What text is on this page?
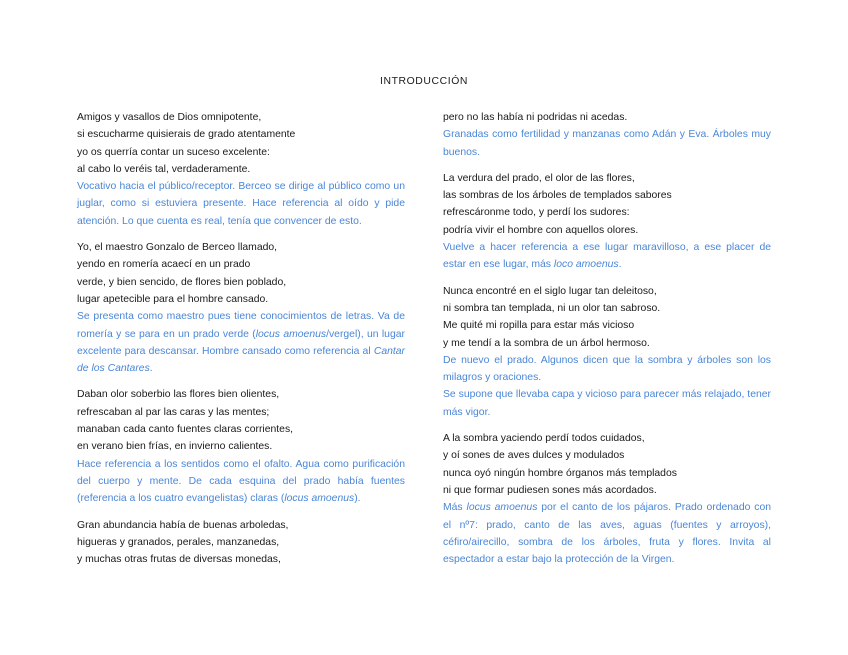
INTRODUCCIÓN
Amigos y vasallos de Dios omnipotente,
si escucharme quisierais de grado atentamente
yo os querría contar un suceso excelente:
al cabo lo veréis tal, verdaderamente.

Vocativo hacia el público/receptor. Berceo se dirige al público como un juglar, como si estuviera presente. Hace referencia al oído y pide atención. Lo que cuenta es real, tenía que convencer de esto.

Yo, el maestro Gonzalo de Berceo llamado,
yendo en romería acaecí en un prado
verde, y bien sencido, de flores bien poblado,
lugar apetecible para el hombre cansado.

Se presenta como maestro pues tiene conocimientos de letras. Va de romería y se para en un prado verde (locus amoenus/vergel), un lugar excelente para descansar. Hombre cansado como referencia al Cantar de los Cantares.

Daban olor soberbio las flores bien olientes,
refrescaban al par las caras y las mentes;
manaban cada canto fuentes claras corrientes,
en verano bien frías, en invierno calientes.

Hace referencia a los sentidos como el ofalto. Agua como purificación del cuerpo y mente. De cada esquina del prado había fuentes (referencia a los cuatro evangelistas) claras (locus amoenus).

Gran abundancia había de buenas arboledas,
higueras y granados, perales, manzanedas,
y muchas otras frutas de diversas monedas,
pero no las había ni podridas ni acedas.

Granadas como fertilidad y manzanas como Adán y Eva. Árboles muy buenos.

La verdura del prado, el olor de las flores,
las sombras de los árboles de templados sabores
refrescáronme todo, y perdí los sudores:
podría vivir el hombre con aquellos olores.

Vuelve a hacer referencia a ese lugar maravilloso, a ese placer de estar en ese lugar, más loco amoenus.

Nunca encontré en el siglo lugar tan deleitoso,
ni sombra tan templada, ni un olor tan sabroso.
Me quité mi ropilla para estar más vicioso
y me tendí a la sombra de un árbol hermoso.

De nuevo el prado. Algunos dicen que la sombra y árboles son los milagros y oraciones.

Se supone que llevaba capa y vicioso para parecer más relajado, tener más vigor.

A la sombra yaciendo perdí todos cuidados,
y oí sones de aves dulces y modulados
nunca oyó ningún hombre órganos más templados
ni que formar pudiesen sones más acordados.

Más locus amoenus por el canto de los pájaros. Prado ordenado con el nº7: prado, canto de las aves, aguas (fuentes y arroyos), céfiro/airecillo, sombra de los árboles, fruta y flores. Invita al espectador a estar bajo la protección de la Virgen.
